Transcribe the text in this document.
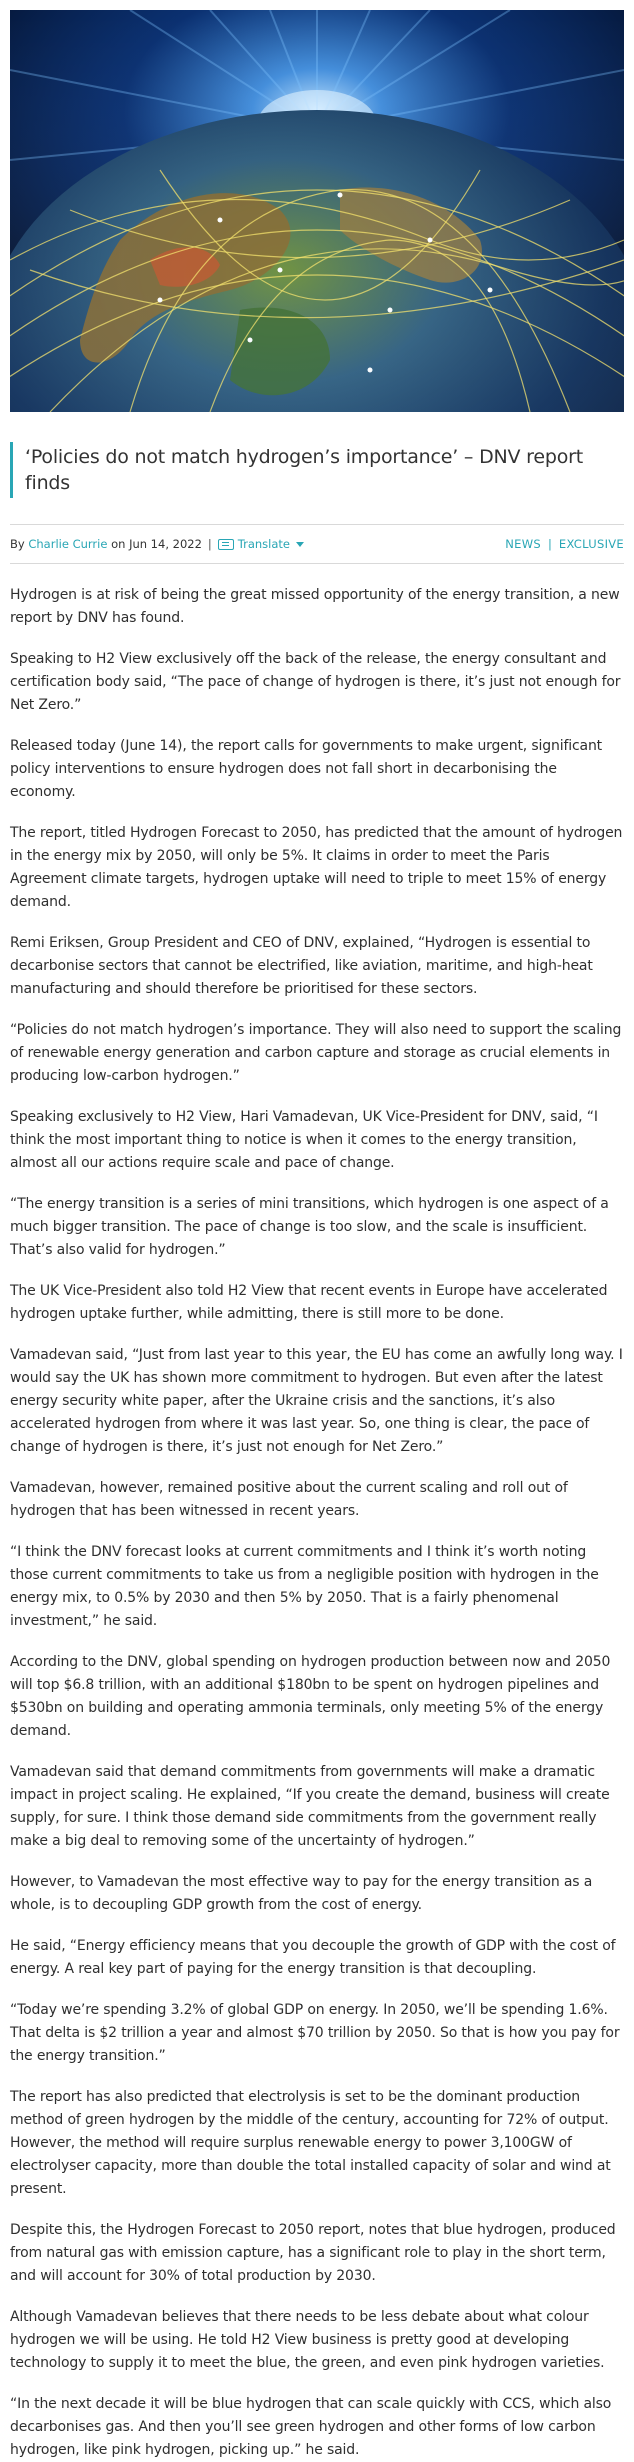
‘Policies do not match hydrogen’s importance’ – DNV report finds
By
Charlie Currie
on
Jun 14, 2022 | Translate	NEWS | EXCLUSIVE

Hydrogen is at risk of being the great missed opportunity of the energy transition, a new report by DNV has found.

Speaking to H2 View exclusively off the back of the release, the energy consultant and certification body said, “The pace of change of hydrogen is there, it’s just not enough for Net Zero.”

Released today (June 14), the report calls for governments to make urgent, significant policy interventions to ensure hydrogen does not fall short in decarbonising the economy.

The report, titled Hydrogen Forecast to 2050, has predicted that the amount of hydrogen in the energy mix by 2050, will only be 5%. It claims in order to meet the Paris Agreement climate targets, hydrogen uptake will need to triple to meet 15% of energy demand.

Remi Eriksen, Group President and CEO of DNV, explained, “Hydrogen is essential to decarbonise sectors that cannot be electrified, like aviation, maritime, and high-heat manufacturing and should therefore be prioritised for these sectors.

“Policies do not match hydrogen’s importance. They will also need to support the scaling of renewable energy generation and carbon capture and storage as crucial elements in producing low-carbon hydrogen.”

Speaking exclusively to H2 View, Hari Vamadevan, UK Vice-President for DNV, said, “I think the most important thing to notice is when it comes to the energy transition, almost all our actions require scale and pace of change.

“The energy transition is a series of mini transitions, which hydrogen is one aspect of a much bigger transition. The pace of change is too slow, and the scale is insufficient. That’s also valid for hydrogen.”

The UK Vice-President also told H2 View that recent events in Europe have accelerated hydrogen uptake further, while admitting, there is still more to be done.

Vamadevan said, “Just from last year to this year, the EU has come an awfully long way. I would say the UK has shown more commitment to hydrogen. But even after the latest energy security white paper, after the Ukraine crisis and the sanctions, it’s also accelerated hydrogen from where it was last year. So, one thing is clear, the pace of change of hydrogen is there, it’s just not enough for Net Zero.”

Vamadevan, however, remained positive about the current scaling and roll out of hydrogen that has been witnessed in recent years.

“I think the DNV forecast looks at current commitments and I think it’s worth noting those current commitments to take us from a negligible position with hydrogen in the energy mix, to 0.5% by 2030 and then 5% by 2050. That is a fairly phenomenal investment,” he said.

According to the DNV, global spending on hydrogen production between now and 2050 will top $6.8 trillion, with an additional $180bn to be spent on hydrogen pipelines and $530bn on building and operating ammonia terminals, only meeting 5% of the energy demand.

Vamadevan said that demand commitments from governments will make a dramatic impact in project scaling. He explained, “If you create the demand, business will create supply, for sure. I think those demand side commitments from the government really make a big deal to removing some of the uncertainty of hydrogen.”

However, to Vamadevan the most effective way to pay for the energy transition as a whole, is to decoupling GDP growth from the cost of energy.

He said, “Energy efficiency means that you decouple the growth of GDP with the cost of energy. A real key part of paying for the energy transition is that decoupling.

“Today we’re spending 3.2% of global GDP on energy. In 2050, we’ll be spending 1.6%. That delta is $2 trillion a year and almost $70 trillion by 2050. So that is how you pay for the energy transition.”

The report has also predicted that electrolysis is set to be the dominant production method of green hydrogen by the middle of the century, accounting for 72% of output. However, the method will require surplus renewable energy to power 3,100GW of electrolyser capacity, more than double the total installed capacity of solar and wind at present.

Despite this, the Hydrogen Forecast to 2050 report, notes that blue hydrogen, produced from natural gas with emission capture, has a significant role to play in the short term, and will account for 30% of total production by 2030.

Although Vamadevan believes that there needs to be less debate about what colour hydrogen we will be using. He told H2 View business is pretty good at developing technology to supply it to meet the blue, the green, and even pink hydrogen varieties.

“In the next decade it will be blue hydrogen that can scale quickly with CCS, which also decarbonises gas. And then you’ll see green hydrogen and other forms of low carbon hydrogen, like pink hydrogen, picking up.” he said.
